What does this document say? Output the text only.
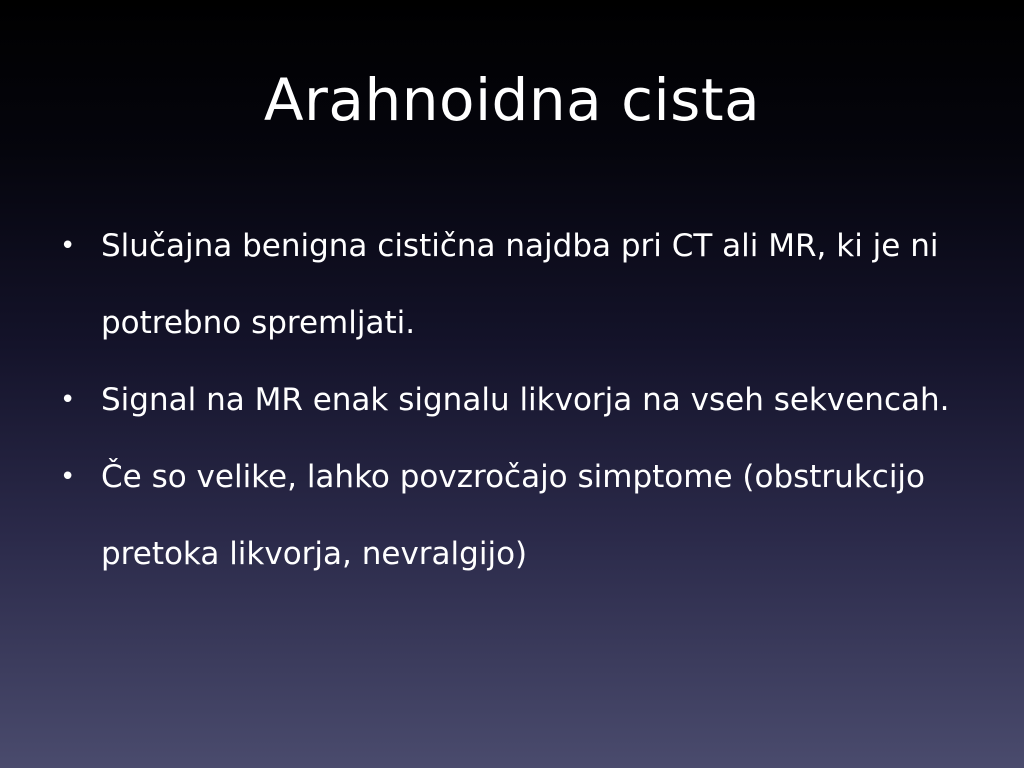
Arahnoidna cista
• Slučajna benigna cistična najdba pri CT ali MR, ki je ni potrebno spremljati.
• Signal na MR enak signalu likvorja na vseh sekvencah.
• Če so velike, lahko povzročajo simptome (obstrukcijo pretoka likvorja, nevralgijo)
